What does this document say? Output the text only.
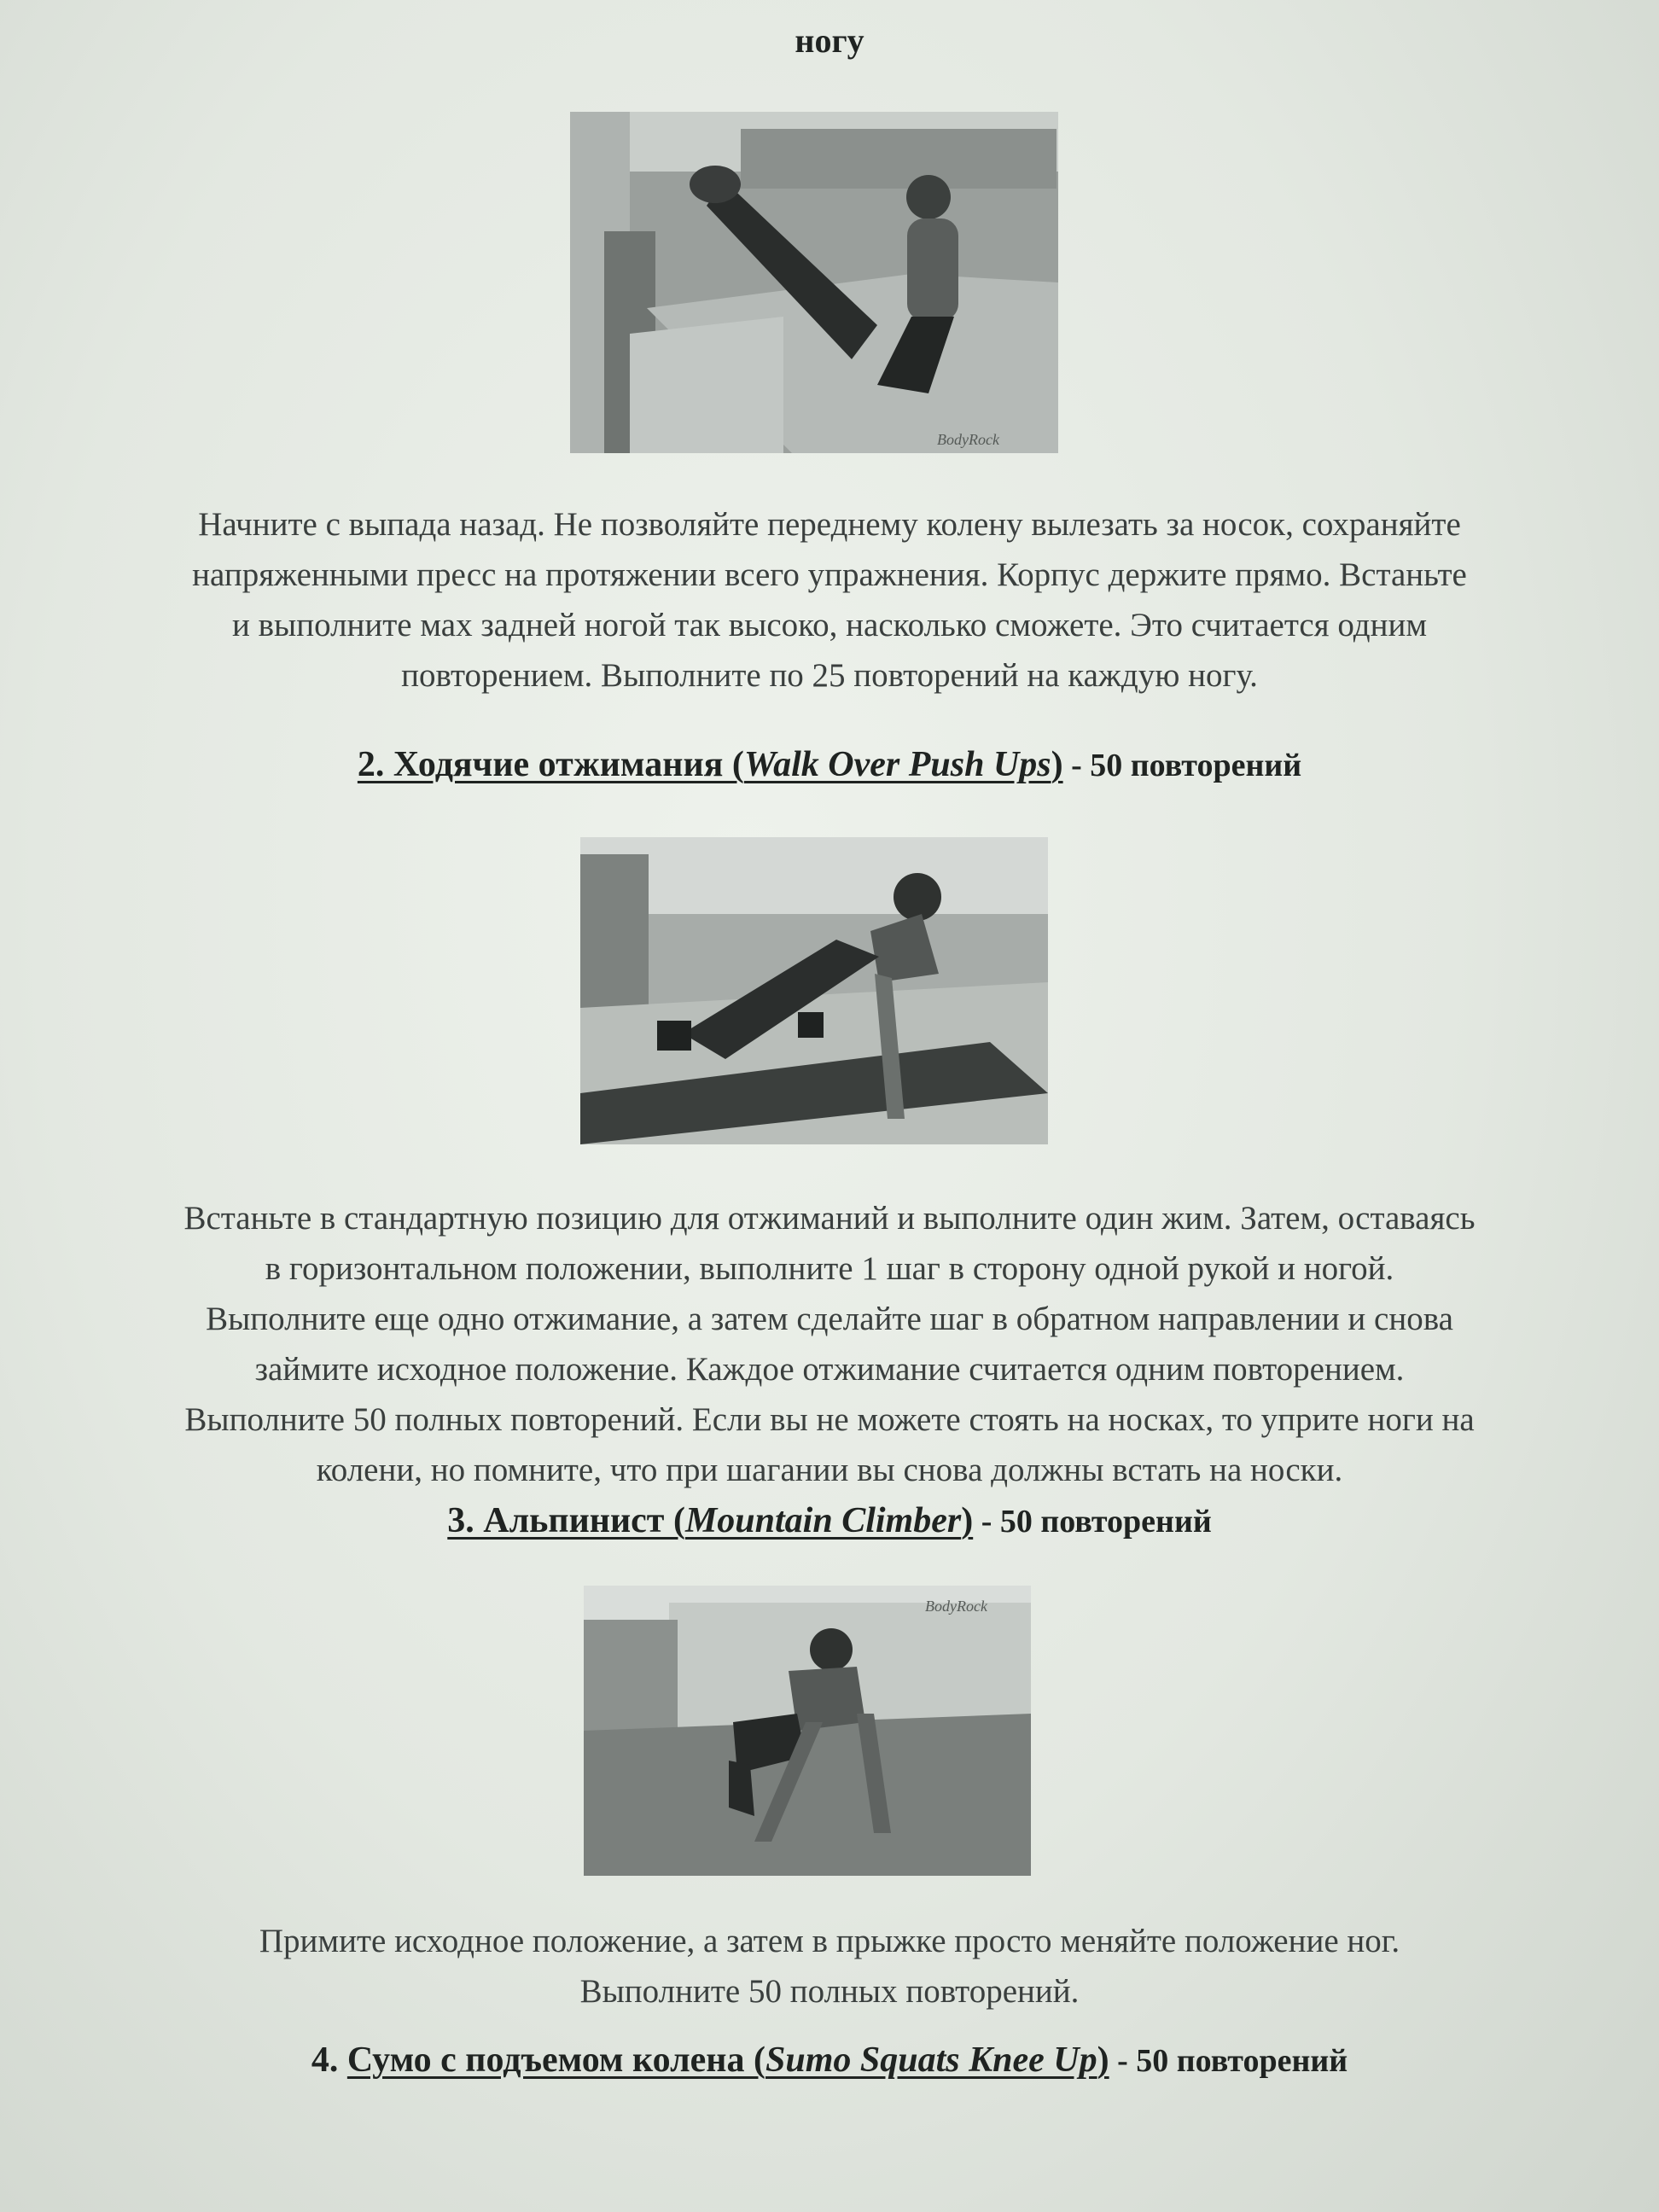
ногу
BodyRock
Начните с выпада назад. Не позволяйте переднему колену вылезать за носок, сохраняйте
напряженными пресс на протяжении всего упражнения. Корпус держите прямо. Встаньте
и выполните мах задней ногой так высоко, насколько сможете. Это считается одним
повторением. Выполните по 25 повторений на каждую ногу.
2. Ходячие отжимания (Walk Over Push Ups) - 50 повторений
Встаньте в стандартную позицию для отжиманий и выполните один жим. Затем, оставаясь
в горизонтальном положении, выполните 1 шаг в сторону одной рукой и ногой.
Выполните еще одно отжимание, а затем сделайте шаг в обратном направлении и снова
займите исходное положение. Каждое отжимание считается одним повторением.
Выполните 50 полных повторений. Если вы не можете стоять на носках, то уприте ноги на
колени, но помните, что при шагании вы снова должны встать на носки.
3. Альпинист (Mountain Climber) - 50 повторений
BodyRock
Примите исходное положение, а затем в прыжке просто меняйте положение ног.
Выполните 50 полных повторений.
4. Сумо с подъемом колена (Sumo Squats Knee Up) - 50 повторений
